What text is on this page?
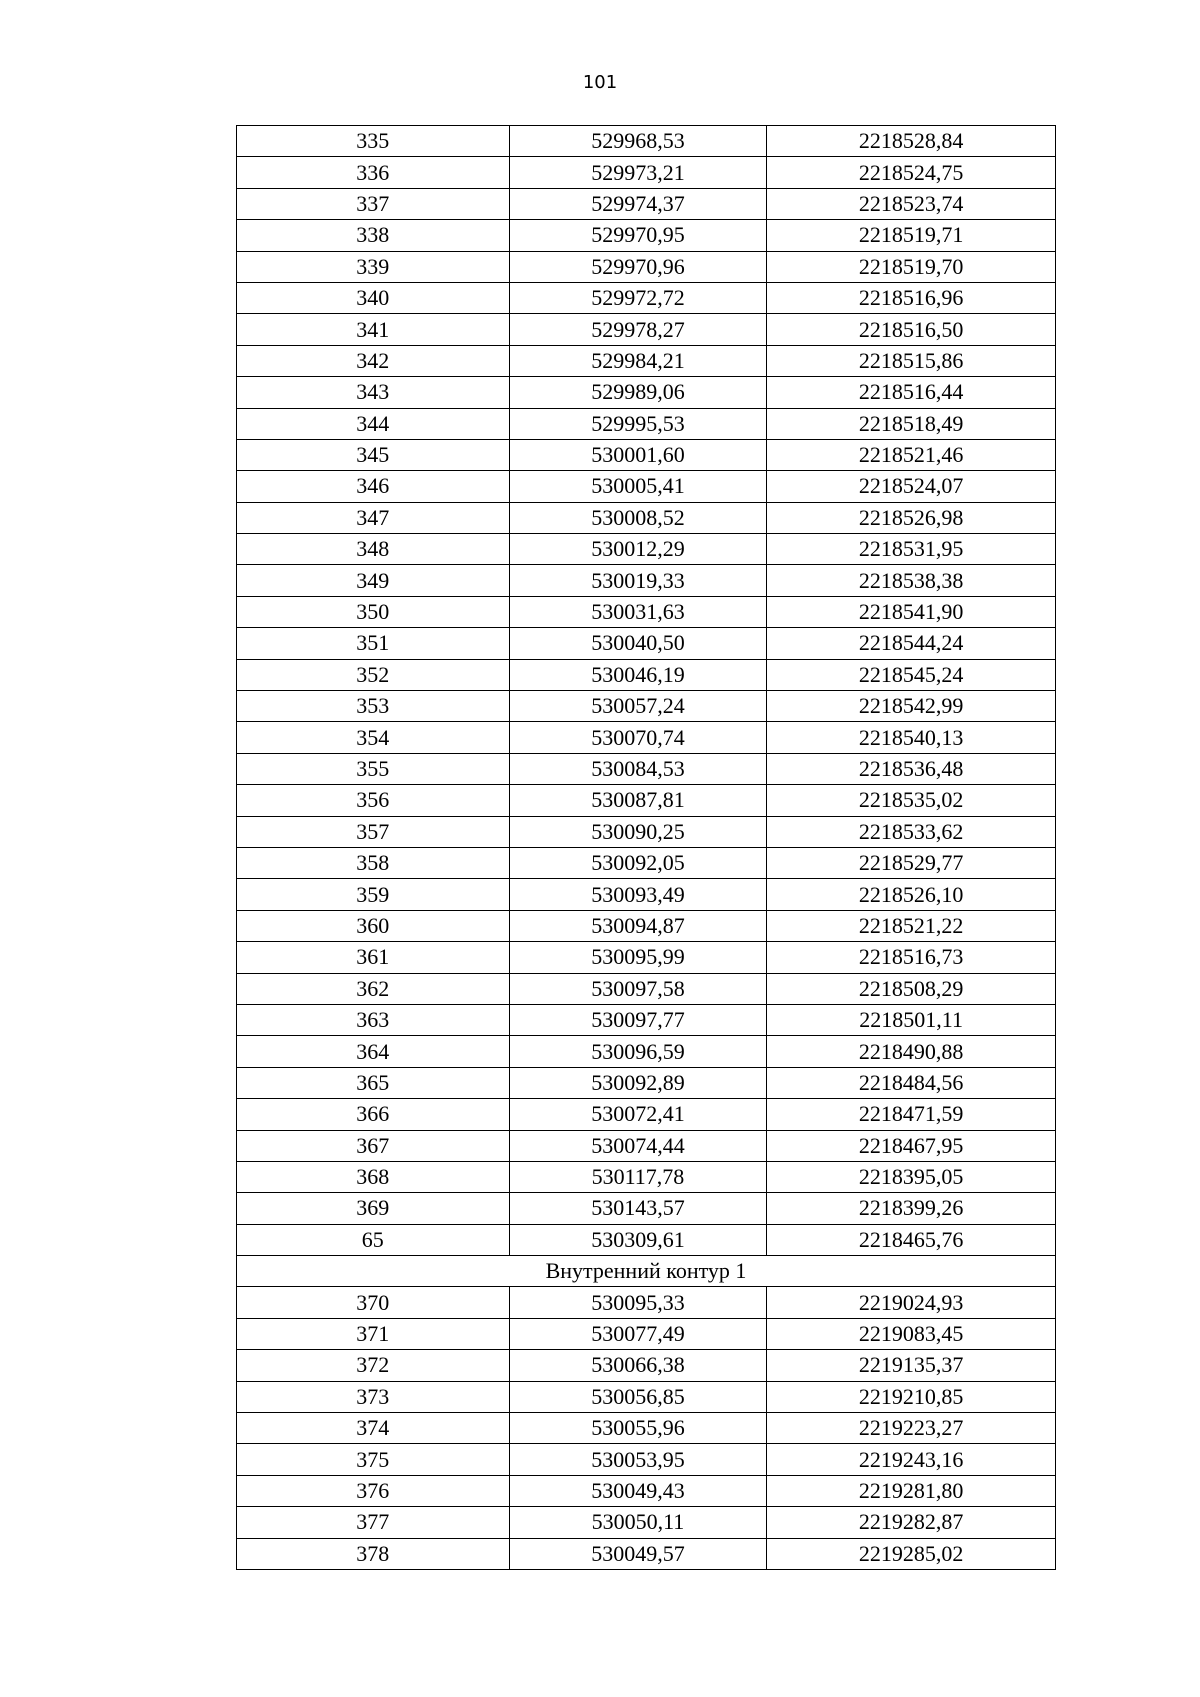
101
335	529968,53	2218528,84
336	529973,21	2218524,75
337	529974,37	2218523,74
338	529970,95	2218519,71
339	529970,96	2218519,70
340	529972,72	2218516,96
341	529978,27	2218516,50
342	529984,21	2218515,86
343	529989,06	2218516,44
344	529995,53	2218518,49
345	530001,60	2218521,46
346	530005,41	2218524,07
347	530008,52	2218526,98
348	530012,29	2218531,95
349	530019,33	2218538,38
350	530031,63	2218541,90
351	530040,50	2218544,24
352	530046,19	2218545,24
353	530057,24	2218542,99
354	530070,74	2218540,13
355	530084,53	2218536,48
356	530087,81	2218535,02
357	530090,25	2218533,62
358	530092,05	2218529,77
359	530093,49	2218526,10
360	530094,87	2218521,22
361	530095,99	2218516,73
362	530097,58	2218508,29
363	530097,77	2218501,11
364	530096,59	2218490,88
365	530092,89	2218484,56
366	530072,41	2218471,59
367	530074,44	2218467,95
368	530117,78	2218395,05
369	530143,57	2218399,26
65	530309,61	2218465,76
Внутренний контур 1		
370	530095,33	2219024,93
371	530077,49	2219083,45
372	530066,38	2219135,37
373	530056,85	2219210,85
374	530055,96	2219223,27
375	530053,95	2219243,16
376	530049,43	2219281,80
377	530050,11	2219282,87
378	530049,57	2219285,02
